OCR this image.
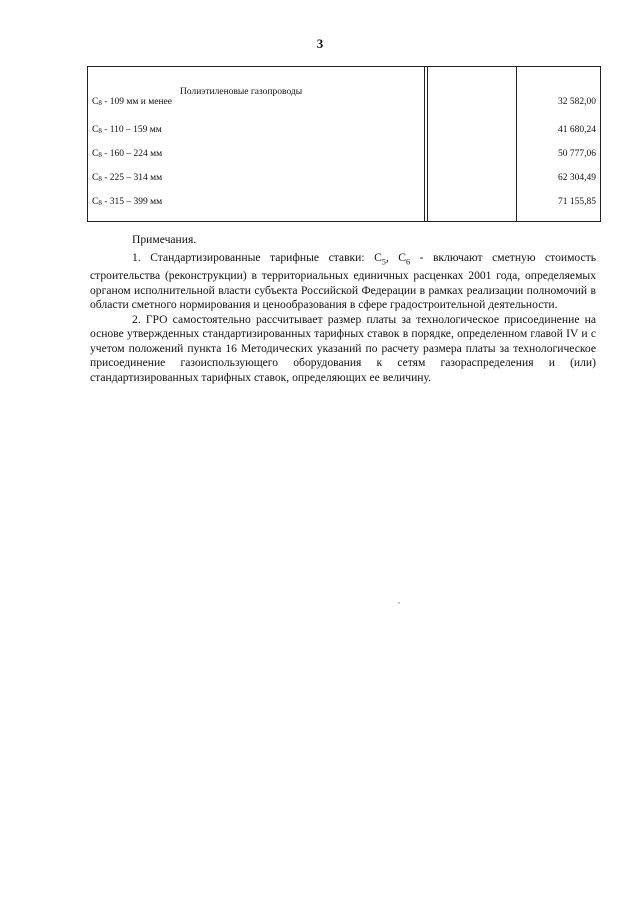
3
Полиэтиленовые газопроводы
$C_8 - 109$ мм и менее	32 582,00
$C_8 - 110 - 159$ мм	41 680,24
$C_8 - 160 - 224$ мм	50 777,06
$C_8 - 225 - 314$ мм	62 304,49
$C_8 - 315 - 399$ мм	71 155,85

Примечания.

1. Стандартизированные тарифные ставки: $C_5$, $C_6$ - включают сметную стоимость строительства (реконструкции) в территориальных единичных расценках 2001 года, определяемых органом исполнительной власти субъекта Российской Федерации в рамках реализации полномочий в области сметного нормирования и ценообразования в сфере градостроительной деятельности.

2. ГРО самостоятельно рассчитывает размер платы за технологическое присоединение на основе утвержденных стандартизированных тарифных ставок в порядке, определенном главой IV и с учетом положений пункта 16 Методических указаний по расчету размера платы за технологическое присоединение газоиспользующего оборудования к сетям газораспределения и (или) стандартизированных тарифных ставок, определяющих ее величину.

,
